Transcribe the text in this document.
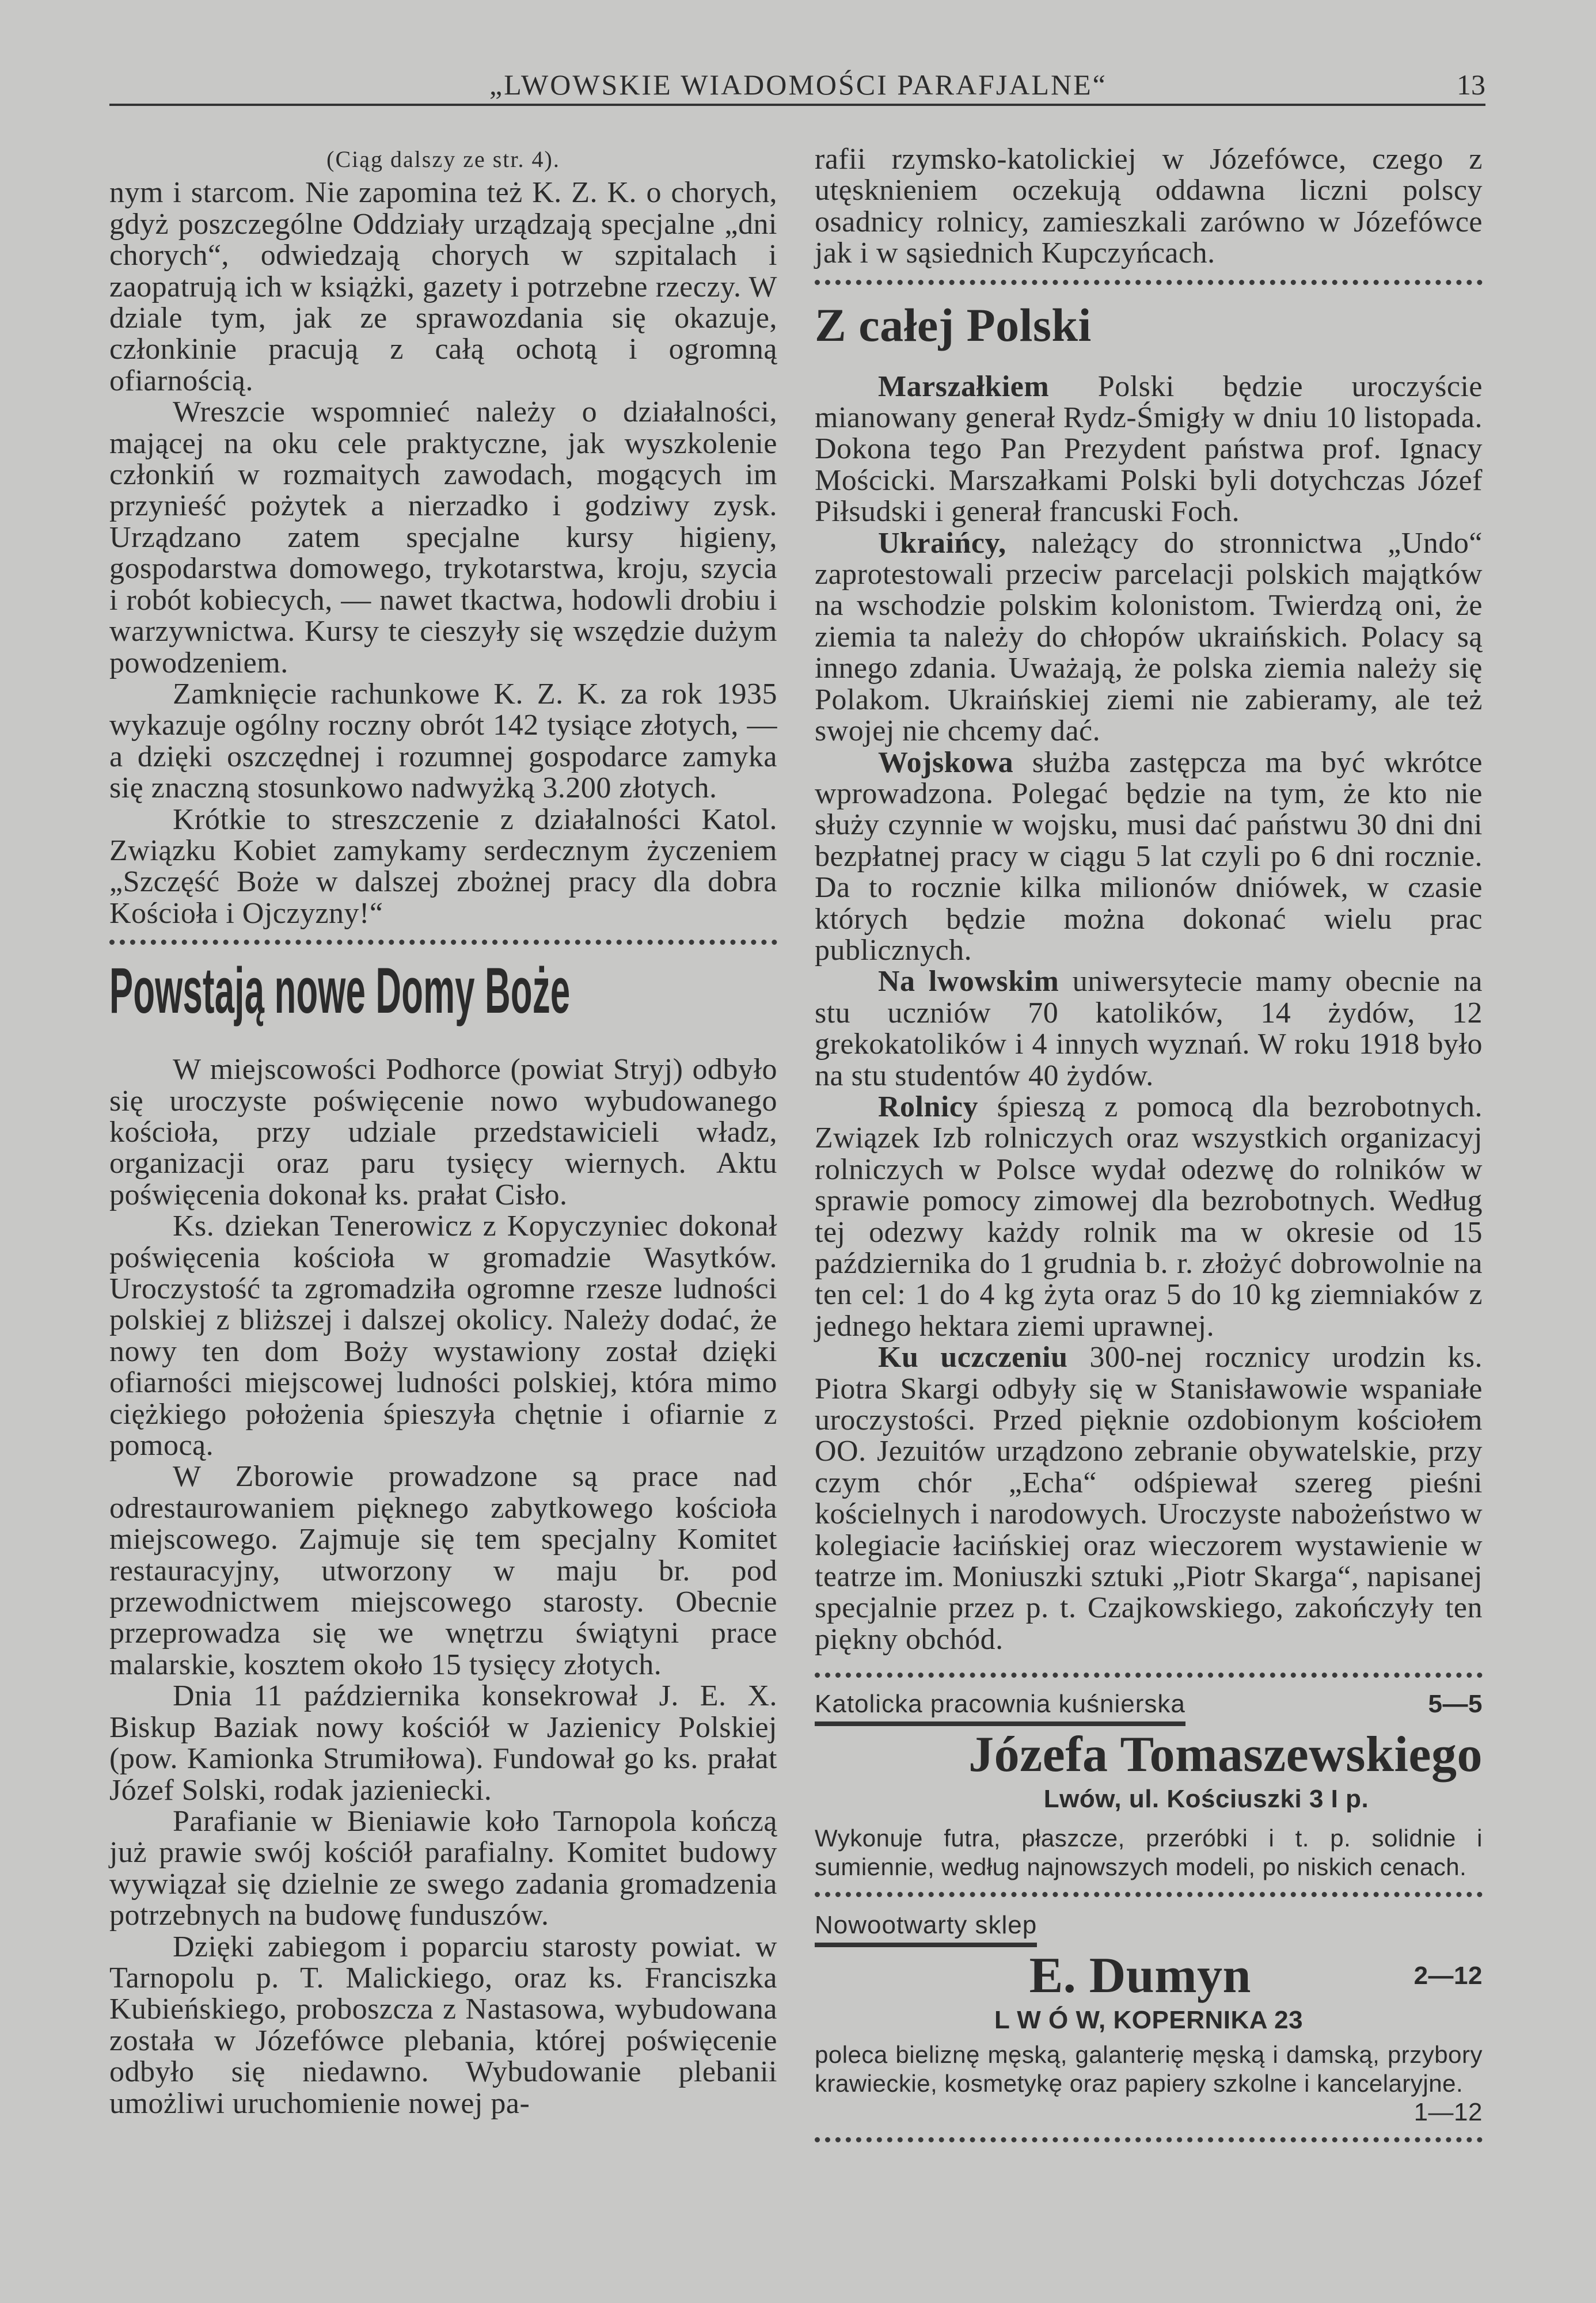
„LWOWSKIE WIADOMOŚCI PARAFJALNE“	13
(Ciąg dalszy ze str. 4).

nym i starcom. Nie zapomina też K. Z. K. o chorych, gdyż poszczególne Oddziały urządzają specjalne „dni chorych“, odwiedzają chorych w szpitalach i zaopatrują ich w książki, gazety i potrzebne rzeczy. W dziale tym, jak ze sprawozdania się okazuje, członkinie pracują z całą ochotą i ogromną ofiarnością.

Wreszcie wspomnieć należy o działalności, mającej na oku cele praktyczne, jak wyszkolenie członkiń w rozmaitych zawodach, mogących im przynieść pożytek a nierzadko i godziwy zysk. Urządzano zatem specjalne kursy higieny, gospodarstwa domowego, trykotarstwa, kroju, szycia i robót kobiecych, — nawet tkactwa, hodowli drobiu i warzywnictwa. Kursy te cieszyły się wszędzie dużym powodzeniem.

Zamknięcie rachunkowe K. Z. K. za rok 1935 wykazuje ogólny roczny obrót 142 tysiące złotych, — a dzięki oszczędnej i rozumnej gospodarce zamyka się znaczną stosunkowo nadwyżką 3.200 złotych.

Krótkie to streszczenie z działalności Katol. Związku Kobiet zamykamy serdecznym życzeniem „Szczęść Boże w dalszej zbożnej pracy dla dobra Kościoła i Ojczyzny!“

Powstają nowe Domy Boże

W miejscowości Podhorce (powiat Stryj) odbyło się uroczyste poświęcenie nowo wybudowanego kościoła, przy udziale przedstawicieli władz, organizacji oraz paru tysięcy wiernych. Aktu poświęcenia dokonał ks. prałat Cisło.

Ks. dziekan Tenerowicz z Kopyczyniec dokonał poświęcenia kościoła w gromadzie Wasytków. Uroczystość ta zgromadziła ogromne rzesze ludności polskiej z bliższej i dalszej okolicy. Należy dodać, że nowy ten dom Boży wystawiony został dzięki ofiarności miejscowej ludności polskiej, która mimo ciężkiego położenia śpieszyła chętnie i ofiarnie z pomocą.

W Zborowie prowadzone są prace nad odrestaurowaniem pięknego zabytkowego kościoła miejscowego. Zajmuje się tem specjalny Komitet restauracyjny, utworzony w maju br. pod przewodnictwem miejscowego starosty. Obecnie przeprowadza się we wnętrzu świątyni prace malarskie, kosztem około 15 tysięcy złotych.

Dnia 11 października konsekrował J. E. X. Biskup Baziak nowy kościół w Jazienicy Polskiej (pow. Kamionka Strumiłowa). Fundował go ks. prałat Józef Solski, rodak jazieniecki.

Parafianie w Bieniawie koło Tarnopola kończą już prawie swój kościół parafialny. Komitet budowy wywiązał się dzielnie ze swego zadania gromadzenia potrzebnych na budowę funduszów.

Dzięki zabiegom i poparciu starosty powiat. w Tarnopolu p. T. Malickiego, oraz ks. Franciszka Kubieńskiego, proboszcza z Nastasowa, wybudowana została w Józefówce plebania, której poświęcenie odbyło się niedawno. Wybudowanie plebanii umożliwi uruchomienie nowej pa-

rafii rzymsko-katolickiej w Józefówce, czego z utęsknieniem oczekują oddawna liczni polscy osadnicy rolnicy, zamieszkali zarówno w Józefówce jak i w sąsiednich Kupczyńcach.

Z całej Polski

Marszałkiem Polski będzie uroczyście mianowany generał Rydz-Śmigły w dniu 10 listopada. Dokona tego Pan Prezydent państwa prof. Ignacy Mościcki. Marszałkami Polski byli dotychczas Józef Piłsudski i generał francuski Foch.

Ukraińcy, należący do stronnictwa „Undo“ zaprotestowali przeciw parcelacji polskich majątków na wschodzie polskim kolonistom. Twierdzą oni, że ziemia ta należy do chłopów ukraińskich. Polacy są innego zdania. Uważają, że polska ziemia należy się Polakom. Ukraińskiej ziemi nie zabieramy, ale też swojej nie chcemy dać.

Wojskowa służba zastępcza ma być wkrótce wprowadzona. Polegać będzie na tym, że kto nie służy czynnie w wojsku, musi dać państwu 30 dni dni bezpłatnej pracy w ciągu 5 lat czyli po 6 dni rocznie. Da to rocznie kilka milionów dniówek, w czasie których będzie można dokonać wielu prac publicznych.

Na lwowskim uniwersytecie mamy obecnie na stu uczniów 70 katolików, 14 żydów, 12 grekokatolików i 4 innych wyznań. W roku 1918 było na stu studentów 40 żydów.

Rolnicy śpieszą z pomocą dla bezrobotnych. Związek Izb rolniczych oraz wszystkich organizacyj rolniczych w Polsce wydał odezwę do rolników w sprawie pomocy zimowej dla bezrobotnych. Według tej odezwy każdy rolnik ma w okresie od 15 października do 1 grudnia b. r. złożyć dobrowolnie na ten cel: 1 do 4 kg żyta oraz 5 do 10 kg ziemniaków z jednego hektara ziemi uprawnej.

Ku uczczeniu 300-nej rocznicy urodzin ks. Piotra Skargi odbyły się w Stanisławowie wspaniałe uroczystości. Przed pięknie ozdobionym kościołem OO. Jezuitów urządzono zebranie obywatelskie, przy czym chór „Echa“ odśpiewał szereg pieśni kościelnych i narodowych. Uroczyste nabożeństwo w kolegiacie łacińskiej oraz wieczorem wystawienie w teatrze im. Moniuszki sztuki „Piotr Skarga“, napisanej specjalnie przez p. t. Czajkowskiego, zakończyły ten piękny obchód.

Katolicka pracownia kuśnierska	5—5
Józefa Tomaszewskiego
Lwów, ul. Kościuszki 3 I p.
Wykonuje futra, płaszcze, przeróbki i t. p. solidnie i sumiennie, według najnowszych modeli, po niskich cenach.
Nowootwarty sklep
E. Dumyn	2—12
L W Ó W, KOPERNIKA 23
poleca bieliznę męską, galanterię męską i damską, przybory krawieckie, kosmetykę oraz papiery szkolne i kancelaryjne.
1—12
